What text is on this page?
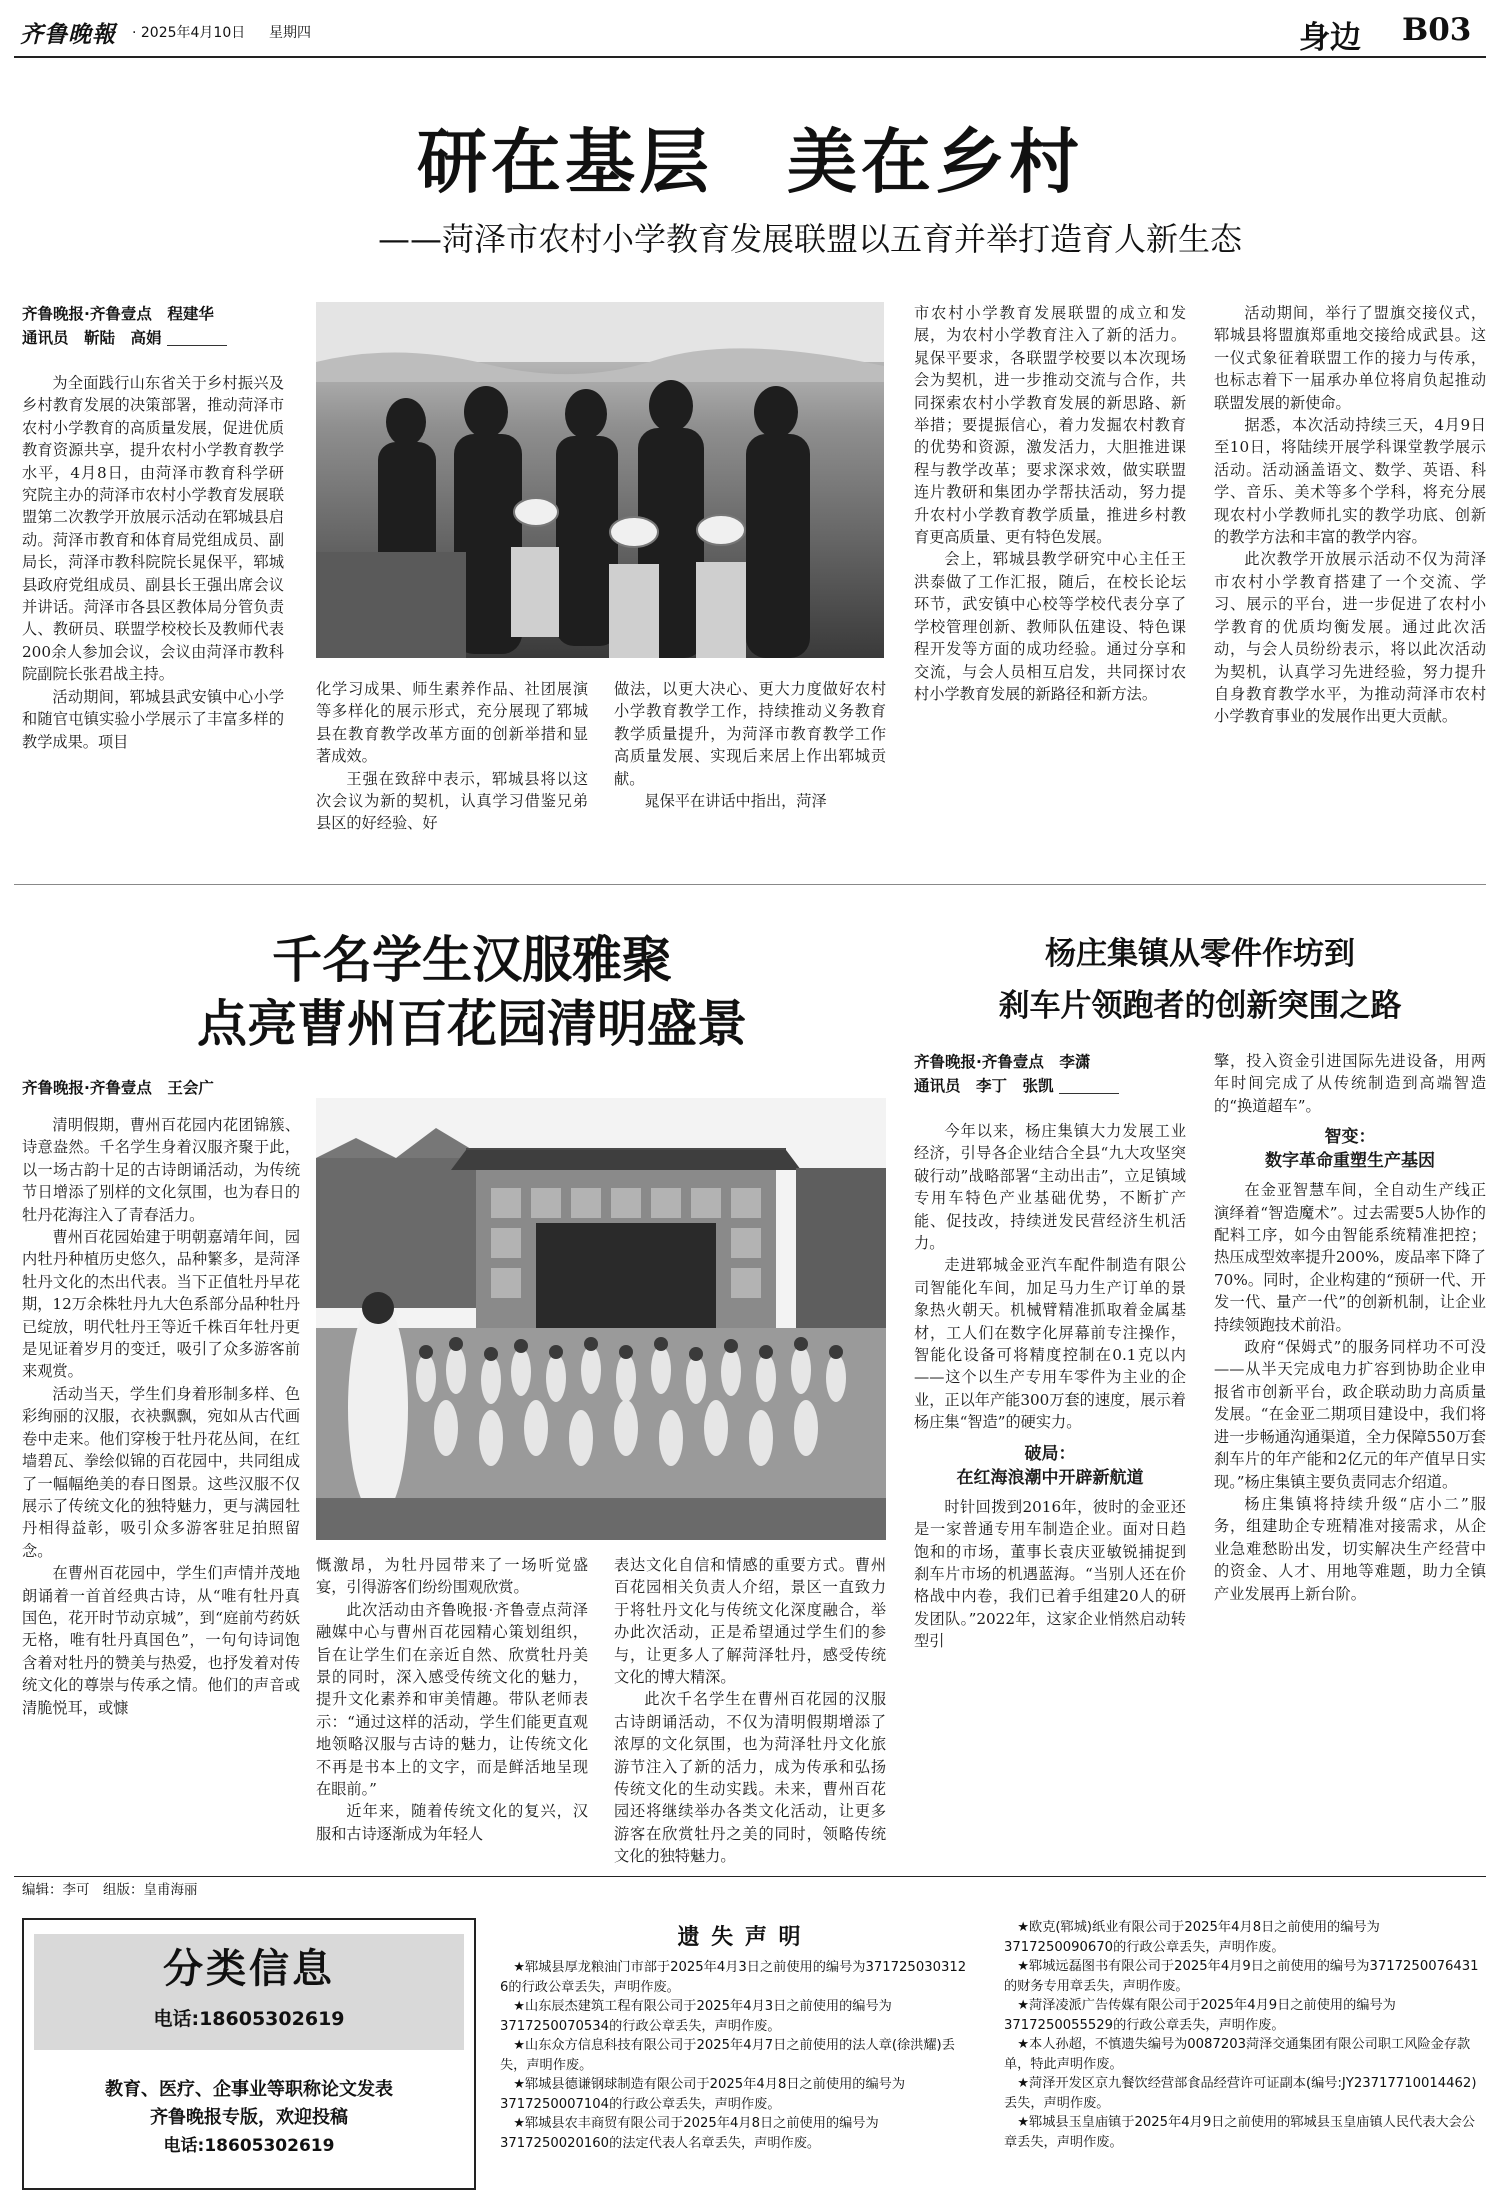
齐鲁晚報 · 2025年4月10日 星期四	身边 B03
研在基层　美在乡村
——菏泽市农村小学教育发展联盟以五育并举打造育人新生态
齐鲁晚报·齐鲁壹点　程建华
通讯员　靳陆　高娟

为全面践行山东省关于乡村振兴及乡村教育发展的决策部署，推动菏泽市农村小学教育的高质量发展，促进优质教育资源共享，提升农村小学教育教学水平，4月8日，由菏泽市教育科学研究院主办的菏泽市农村小学教育发展联盟第二次教学开放展示活动在郓城县启动。菏泽市教育和体育局党组成员、副局长，菏泽市教科院院长晁保平，郓城县政府党组成员、副县长王强出席会议并讲话。菏泽市各县区教体局分管负责人、教研员、联盟学校校长及教师代表200余人参加会议，会议由菏泽市教科院副院长张君战主持。

活动期间，郓城县武安镇中心小学和随官屯镇实验小学展示了丰富多样的教学成果。项目

化学习成果、师生素养作品、社团展演等多样化的展示形式，充分展现了郓城县在教育教学改革方面的创新举措和显著成效。

王强在致辞中表示，郓城县将以这次会议为新的契机，认真学习借鉴兄弟县区的好经验、好

做法，以更大决心、更大力度做好农村小学教育教学工作，持续推动义务教育教学质量提升，为菏泽市教育教学工作高质量发展、实现后来居上作出郓城贡献。

晁保平在讲话中指出，菏泽

市农村小学教育发展联盟的成立和发展，为农村小学教育注入了新的活力。晁保平要求，各联盟学校要以本次现场会为契机，进一步推动交流与合作，共同探索农村小学教育发展的新思路、新举措；要提振信心，着力发掘农村教育的优势和资源，激发活力，大胆推进课程与教学改革；要求深求效，做实联盟连片教研和集团办学帮扶活动，努力提升农村小学教育教学质量，推进乡村教育更高质量、更有特色发展。

会上，郓城县教学研究中心主任王洪泰做了工作汇报，随后，在校长论坛环节，武安镇中心校等学校代表分享了学校管理创新、教师队伍建设、特色课程开发等方面的成功经验。通过分享和交流，与会人员相互启发，共同探讨农村小学教育发展的新路径和新方法。

活动期间，举行了盟旗交接仪式，郓城县将盟旗郑重地交接给成武县。这一仪式象征着联盟工作的接力与传承，也标志着下一届承办单位将肩负起推动联盟发展的新使命。

据悉，本次活动持续三天，4月9日至10日，将陆续开展学科课堂教学展示活动。活动涵盖语文、数学、英语、科学、音乐、美术等多个学科，将充分展现农村小学教师扎实的教学功底、创新的教学方法和丰富的教学内容。

此次教学开放展示活动不仅为菏泽市农村小学教育搭建了一个交流、学习、展示的平台，进一步促进了农村小学教育的优质均衡发展。通过此次活动，与会人员纷纷表示，将以此次活动为契机，认真学习先进经验，努力提升自身教育教学水平，为推动菏泽市农村小学教育事业的发展作出更大贡献。

千名学生汉服雅聚
点亮曹州百花园清明盛景
齐鲁晚报·齐鲁壹点　王会广

清明假期，曹州百花园内花团锦簇、诗意盎然。千名学生身着汉服齐聚于此，以一场古韵十足的古诗朗诵活动，为传统节日增添了别样的文化氛围，也为春日的牡丹花海注入了青春活力。

曹州百花园始建于明朝嘉靖年间，园内牡丹种植历史悠久，品种繁多，是菏泽牡丹文化的杰出代表。当下正值牡丹早花期，12万余株牡丹九大色系部分品种牡丹已绽放，明代牡丹王等近千株百年牡丹更是见证着岁月的变迁，吸引了众多游客前来观赏。

活动当天，学生们身着形制多样、色彩绚丽的汉服，衣袂飘飘，宛如从古代画卷中走来。他们穿梭于牡丹花丛间，在红墙碧瓦、拳绘似锦的百花园中，共同组成了一幅幅绝美的春日图景。这些汉服不仅展示了传统文化的独特魅力，更与满园牡丹相得益彰，吸引众多游客驻足拍照留念。

在曹州百花园中，学生们声情并茂地朗诵着一首首经典古诗，从“唯有牡丹真国色，花开时节动京城”，到“庭前芍药妖无格，唯有牡丹真国色”，一句句诗词饱含着对牡丹的赞美与热爱，也抒发着对传统文化的尊崇与传承之情。他们的声音或清脆悦耳，或慷

慨激昂，为牡丹园带来了一场听觉盛宴，引得游客们纷纷围观欣赏。

此次活动由齐鲁晚报·齐鲁壹点菏泽融媒中心与曹州百花园精心策划组织，旨在让学生们在亲近自然、欣赏牡丹美景的同时，深入感受传统文化的魅力，提升文化素养和审美情趣。带队老师表示：“通过这样的活动，学生们能更直观地领略汉服与古诗的魅力，让传统文化不再是书本上的文字，而是鲜活地呈现在眼前。”

近年来，随着传统文化的复兴，汉服和古诗逐渐成为年轻人

表达文化自信和情感的重要方式。曹州百花园相关负责人介绍，景区一直致力于将牡丹文化与传统文化深度融合，举办此次活动，正是希望通过学生们的参与，让更多人了解菏泽牡丹，感受传统文化的博大精深。

此次千名学生在曹州百花园的汉服古诗朗诵活动，不仅为清明假期增添了浓厚的文化氛围，也为菏泽牡丹文化旅游节注入了新的活力，成为传承和弘扬传统文化的生动实践。未来，曹州百花园还将继续举办各类文化活动，让更多游客在欣赏牡丹之美的同时，领略传统文化的独特魅力。

杨庄集镇从零件作坊到
刹车片领跑者的创新突围之路
齐鲁晚报·齐鲁壹点　李潇
通讯员　李丁　张凯

今年以来，杨庄集镇大力发展工业经济，引导各企业结合全县“九大攻坚突破行动”战略部署“主动出击”，立足镇域专用车特色产业基础优势，不断扩产能、促技改，持续迸发民营经济生机活力。

走进郓城金亚汽车配件制造有限公司智能化车间，加足马力生产订单的景象热火朝天。机械臂精准抓取着金属基材，工人们在数字化屏幕前专注操作，智能化设备可将精度控制在0.1克以内——这个以生产专用车零件为主业的企业，正以年产能300万套的速度，展示着杨庄集“智造”的硬实力。

破局：
在红海浪潮中开辟新航道

时针回拨到2016年，彼时的金亚还是一家普通专用车制造企业。面对日趋饱和的市场，董事长袁庆亚敏锐捕捉到刹车片市场的机遇蓝海。“当别人还在价格战中内卷，我们已着手组建20人的研发团队。”2022年，这家企业悄然启动转型引

擎，投入资金引进国际先进设备，用两年时间完成了从传统制造到高端智造的“换道超车”。

智变：
数字革命重塑生产基因

在金亚智慧车间，全自动生产线正演绎着“智造魔术”。过去需要5人协作的配料工序，如今由智能系统精准把控；热压成型效率提升200%，废品率下降了70%。同时，企业构建的“预研一代、开发一代、量产一代”的创新机制，让企业持续领跑技术前沿。

政府“保姆式”的服务同样功不可没——从半天完成电力扩容到协助企业申报省市创新平台，政企联动助力高质量发展。“在金亚二期项目建设中，我们将进一步畅通沟通渠道，全力保障550万套刹车片的年产能和2亿元的年产值早日实现。”杨庄集镇主要负责同志介绍道。

杨庄集镇将持续升级“店小二”服务，组建助企专班精准对接需求，从企业急难愁盼出发，切实解决生产经营中的资金、人才、用地等难题，助力全镇产业发展再上新台阶。

编辑：李可　组版：皇甫海丽
分类信息
电话:18605302619
教育、医疗、企事业等职称论文发表
齐鲁晚报专版，欢迎投稿
电话:18605302619
遗 失 声 明

★郓城县厚龙粮油门市部于2025年4月3日之前使用的编号为371725030312​6的行政公章丢失，声明作废。

★山东辰杰建筑工程有限公司于2025年4月3日之前使用的编号为3717250070534的行政公章丢失，声明作废。

★山东众方信息科技有限公司于2025年4月7日之前使用的法人章(徐洪耀)丢失，声明作废。

★郓城县德谦钢球制造有限公司于2025年4月8日之前使用的编号为3717250007104的行政公章丢失，声明作废。

★郓城县农丰商贸有限公司于2025年4月8日之前使用的编号为3717250020160的法定代表人名章丢失，声明作废。

★欧克(郓城)纸业有限公司于2025年4月8日之前使用的编号为3717250090670的行政公章丢失，声明作废。

★郓城远磊图书有限公司于2025年4月9日之前使用的编号为3717250076431的财务专用章丢失，声明作废。

★菏泽凌派广告传媒有限公司于2025年4月9日之前使用的编号为3717250055529的行政公章丢失，声明作废。

★本人孙超，不慎遗失编号为0087203菏泽交通集团有限公司职工风险金存款单，特此声明作废。

★菏泽开发区京九餐饮经营部食品经营许可证副本(编号:JY23717710014462)丢失，声明作废。

★郓城县玉皇庙镇于2025年4月9日之前使用的郓城县玉皇庙镇人民代表大会公章丢失，声明作废。
